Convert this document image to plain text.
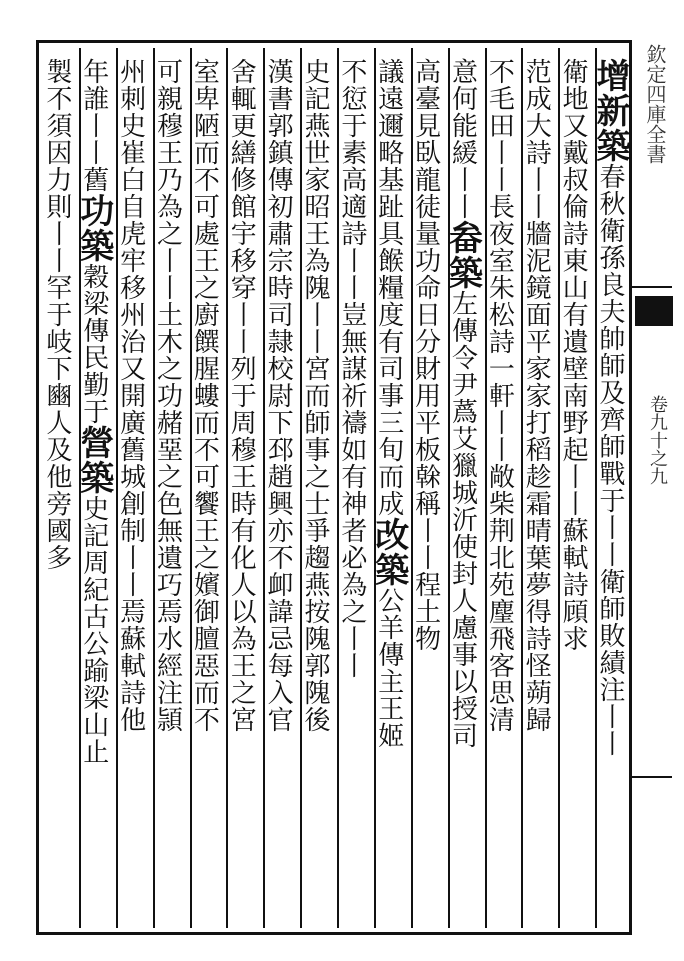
欽定四庫全書
卷九十之九
增新築春秋衛孫良夫帥師及齊師戰于丨丨衛師敗績注丨丨
衛地又戴叔倫詩東山有遺壁南野起丨丨蘇軾詩頋求
范成大詩丨丨牆泥鏡面平家家打稻趁霜晴葉夢得詩怪蒴歸
不毛田丨丨長夜室朱松詩一軒丨丨敞柴荆北苑麈飛客思清
意何能緩丨丨畚築左傳令尹蔿艾獵城沂使封人慮事以授司
高臺見臥龍徒量功命日分財用平板榦稱丨丨程土物
議遠邇略基趾具餱糧度有司事三旬而成改築公羊傳主王姬
不愆于素高適詩丨丨豈無謀祈禱如有神者必為之丨丨
史記燕世家昭王為隗丨丨宮而師事之士爭趨燕按隗郭隗後
漢書郭鎮傳初肅宗時司隷校尉下邳趙興亦不卹諱忌每入官
舍輒更繕修館宇移穿丨丨列于周穆王時有化人以為王之宮
室卑陋而不可處王之廚饌腥螻而不可饗王之嬪御膻惡而不
可親穆王乃為之丨丨土木之功赭堊之色無遺巧焉水經注頴
州刺史崔白自虎牢移州治又開廣舊城創制丨丨焉蘇軾詩他
年誰丨丨舊功築穀梁傳民勤于營築史記周紀古公踰梁山止
製不須因力則丨丨罕于岐下豳人及他旁國多
